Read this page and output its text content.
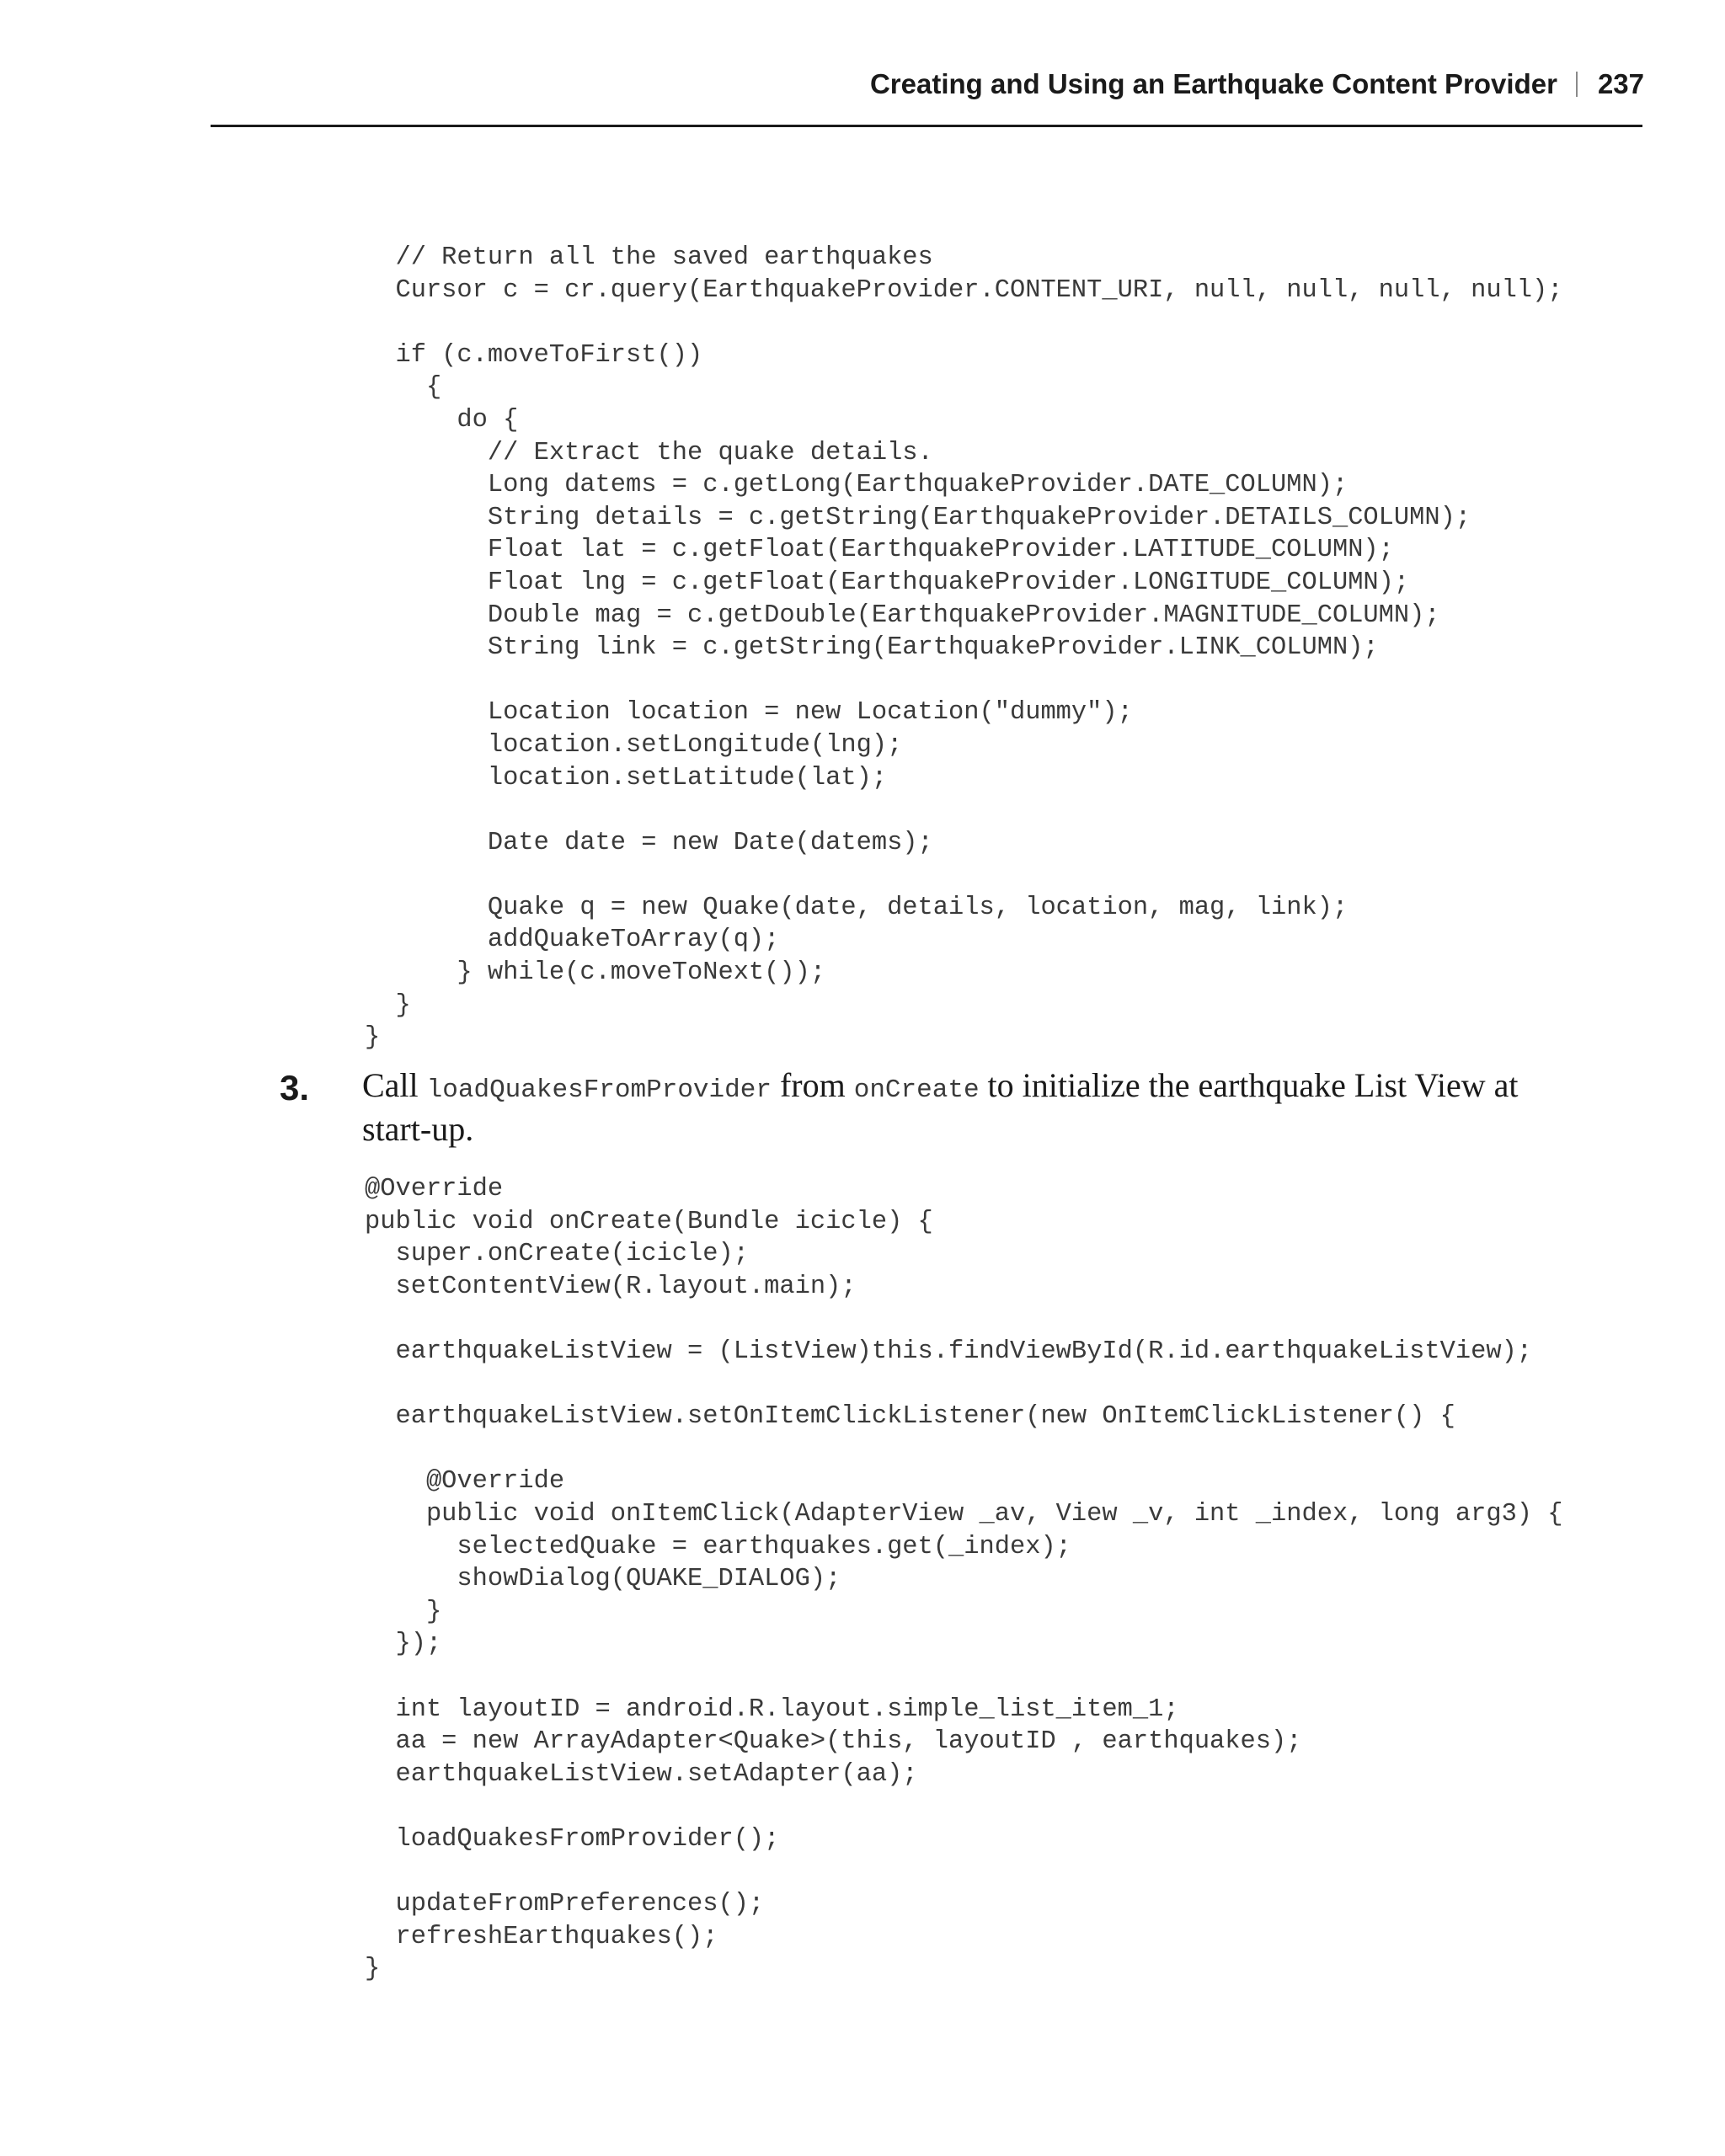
Creating and Using an Earthquake Content Provider 237
// Return all the saved earthquakes
Cursor c = cr.query(EarthquakeProvider.CONTENT_URI, null, null, null, null);

if (c.moveToFirst())
{
do {
// Extract the quake details.
Long datems = c.getLong(EarthquakeProvider.DATE_COLUMN);
String details = c.getString(EarthquakeProvider.DETAILS_COLUMN);
Float lat = c.getFloat(EarthquakeProvider.LATITUDE_COLUMN);
Float lng = c.getFloat(EarthquakeProvider.LONGITUDE_COLUMN);
Double mag = c.getDouble(EarthquakeProvider.MAGNITUDE_COLUMN);
String link = c.getString(EarthquakeProvider.LINK_COLUMN);

Location location = new Location("dummy");
location.setLongitude(lng);
location.setLatitude(lat);

Date date = new Date(datems);

Quake q = new Quake(date, details, location, mag, link);
addQuakeToArray(q);
} while(c.moveToNext());
}
}
3. Call loadQuakesFromProvider from onCreate to initialize the earthquake List View at start-up.
@Override
public void onCreate(Bundle icicle) {
super.onCreate(icicle);
setContentView(R.layout.main);

earthquakeListView = (ListView)this.findViewById(R.id.earthquakeListView);

earthquakeListView.setOnItemClickListener(new OnItemClickListener() {

@Override
public void onItemClick(AdapterView _av, View _v, int _index, long arg3) {
selectedQuake = earthquakes.get(_index);
showDialog(QUAKE_DIALOG);
}
});

int layoutID = android.R.layout.simple_list_item_1;
aa = new ArrayAdapter<Quake>(this, layoutID , earthquakes);
earthquakeListView.setAdapter(aa);

loadQuakesFromProvider();

updateFromPreferences();
refreshEarthquakes();
}
